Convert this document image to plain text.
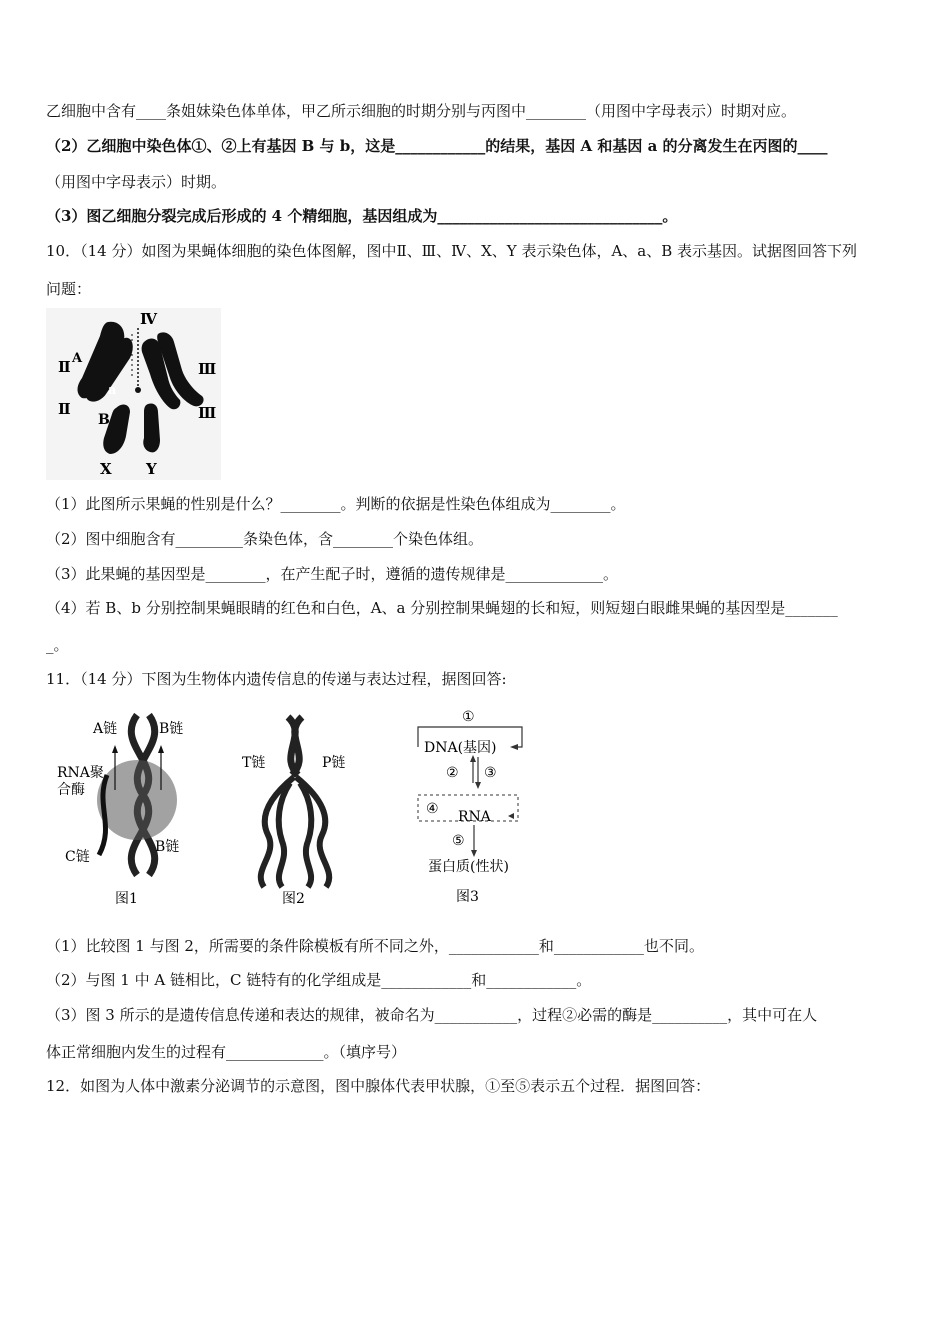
乙细胞中含有____条姐妹染色体单体，甲乙所示细胞的时期分别与丙图中________（用图中字母表示）时期对应。
（2）乙细胞中染色体①、②上有基因 B 与 b，这是____________的结果，基因 A 和基因 a 的分离发生在丙图的____
（用图中字母表示）时期。
（3）图乙细胞分裂完成后形成的 4 个精细胞，基因组成为______________________________。
10．（14 分）如图为果蝇体细胞的染色体图解，图中Ⅱ、Ⅲ、Ⅳ、X、Y 表示染色体，A、a、B 表示基因。试据图回答下列
问题：
Ⅳ
Ⅱ A
a
Ⅱ
B
Ⅲ
Ⅲ
X Y
（1）此图所示果蝇的性别是什么？________。判断的依据是性染色体组成为________。
（2）图中细胞含有_________条染色体，含________个染色体组。
（3）此果蝇的基因型是________，在产生配子时，遵循的遗传规律是_____________。
（4）若 B、b 分别控制果蝇眼睛的红色和白色，A、a 分别控制果蝇翅的长和短，则短翅白眼雌果蝇的基因型是_______
_。
11．（14 分）下图为生物体内遗传信息的传递与表达过程，据图回答:
A链	B链
RNA聚
合酶
C链
B链
图1
T链	P链
图2
①
DNA(基因)
② ③
④ RNA
⑤
蛋白质(性状)
图3
（1）比较图 1 与图 2，所需要的条件除模板有所不同之外，____________和____________也不同。
（2）与图 1 中 A 链相比，C 链特有的化学组成是____________和____________。
（3）图 3 所示的是遗传信息传递和表达的规律，被命名为___________，过程②必需的酶是__________，其中可在人
体正常细胞内发生的过程有_____________。（填序号）
12．如图为人体中激素分泌调节的示意图，图中腺体代表甲状腺，①至⑤表示五个过程．据图回答：
